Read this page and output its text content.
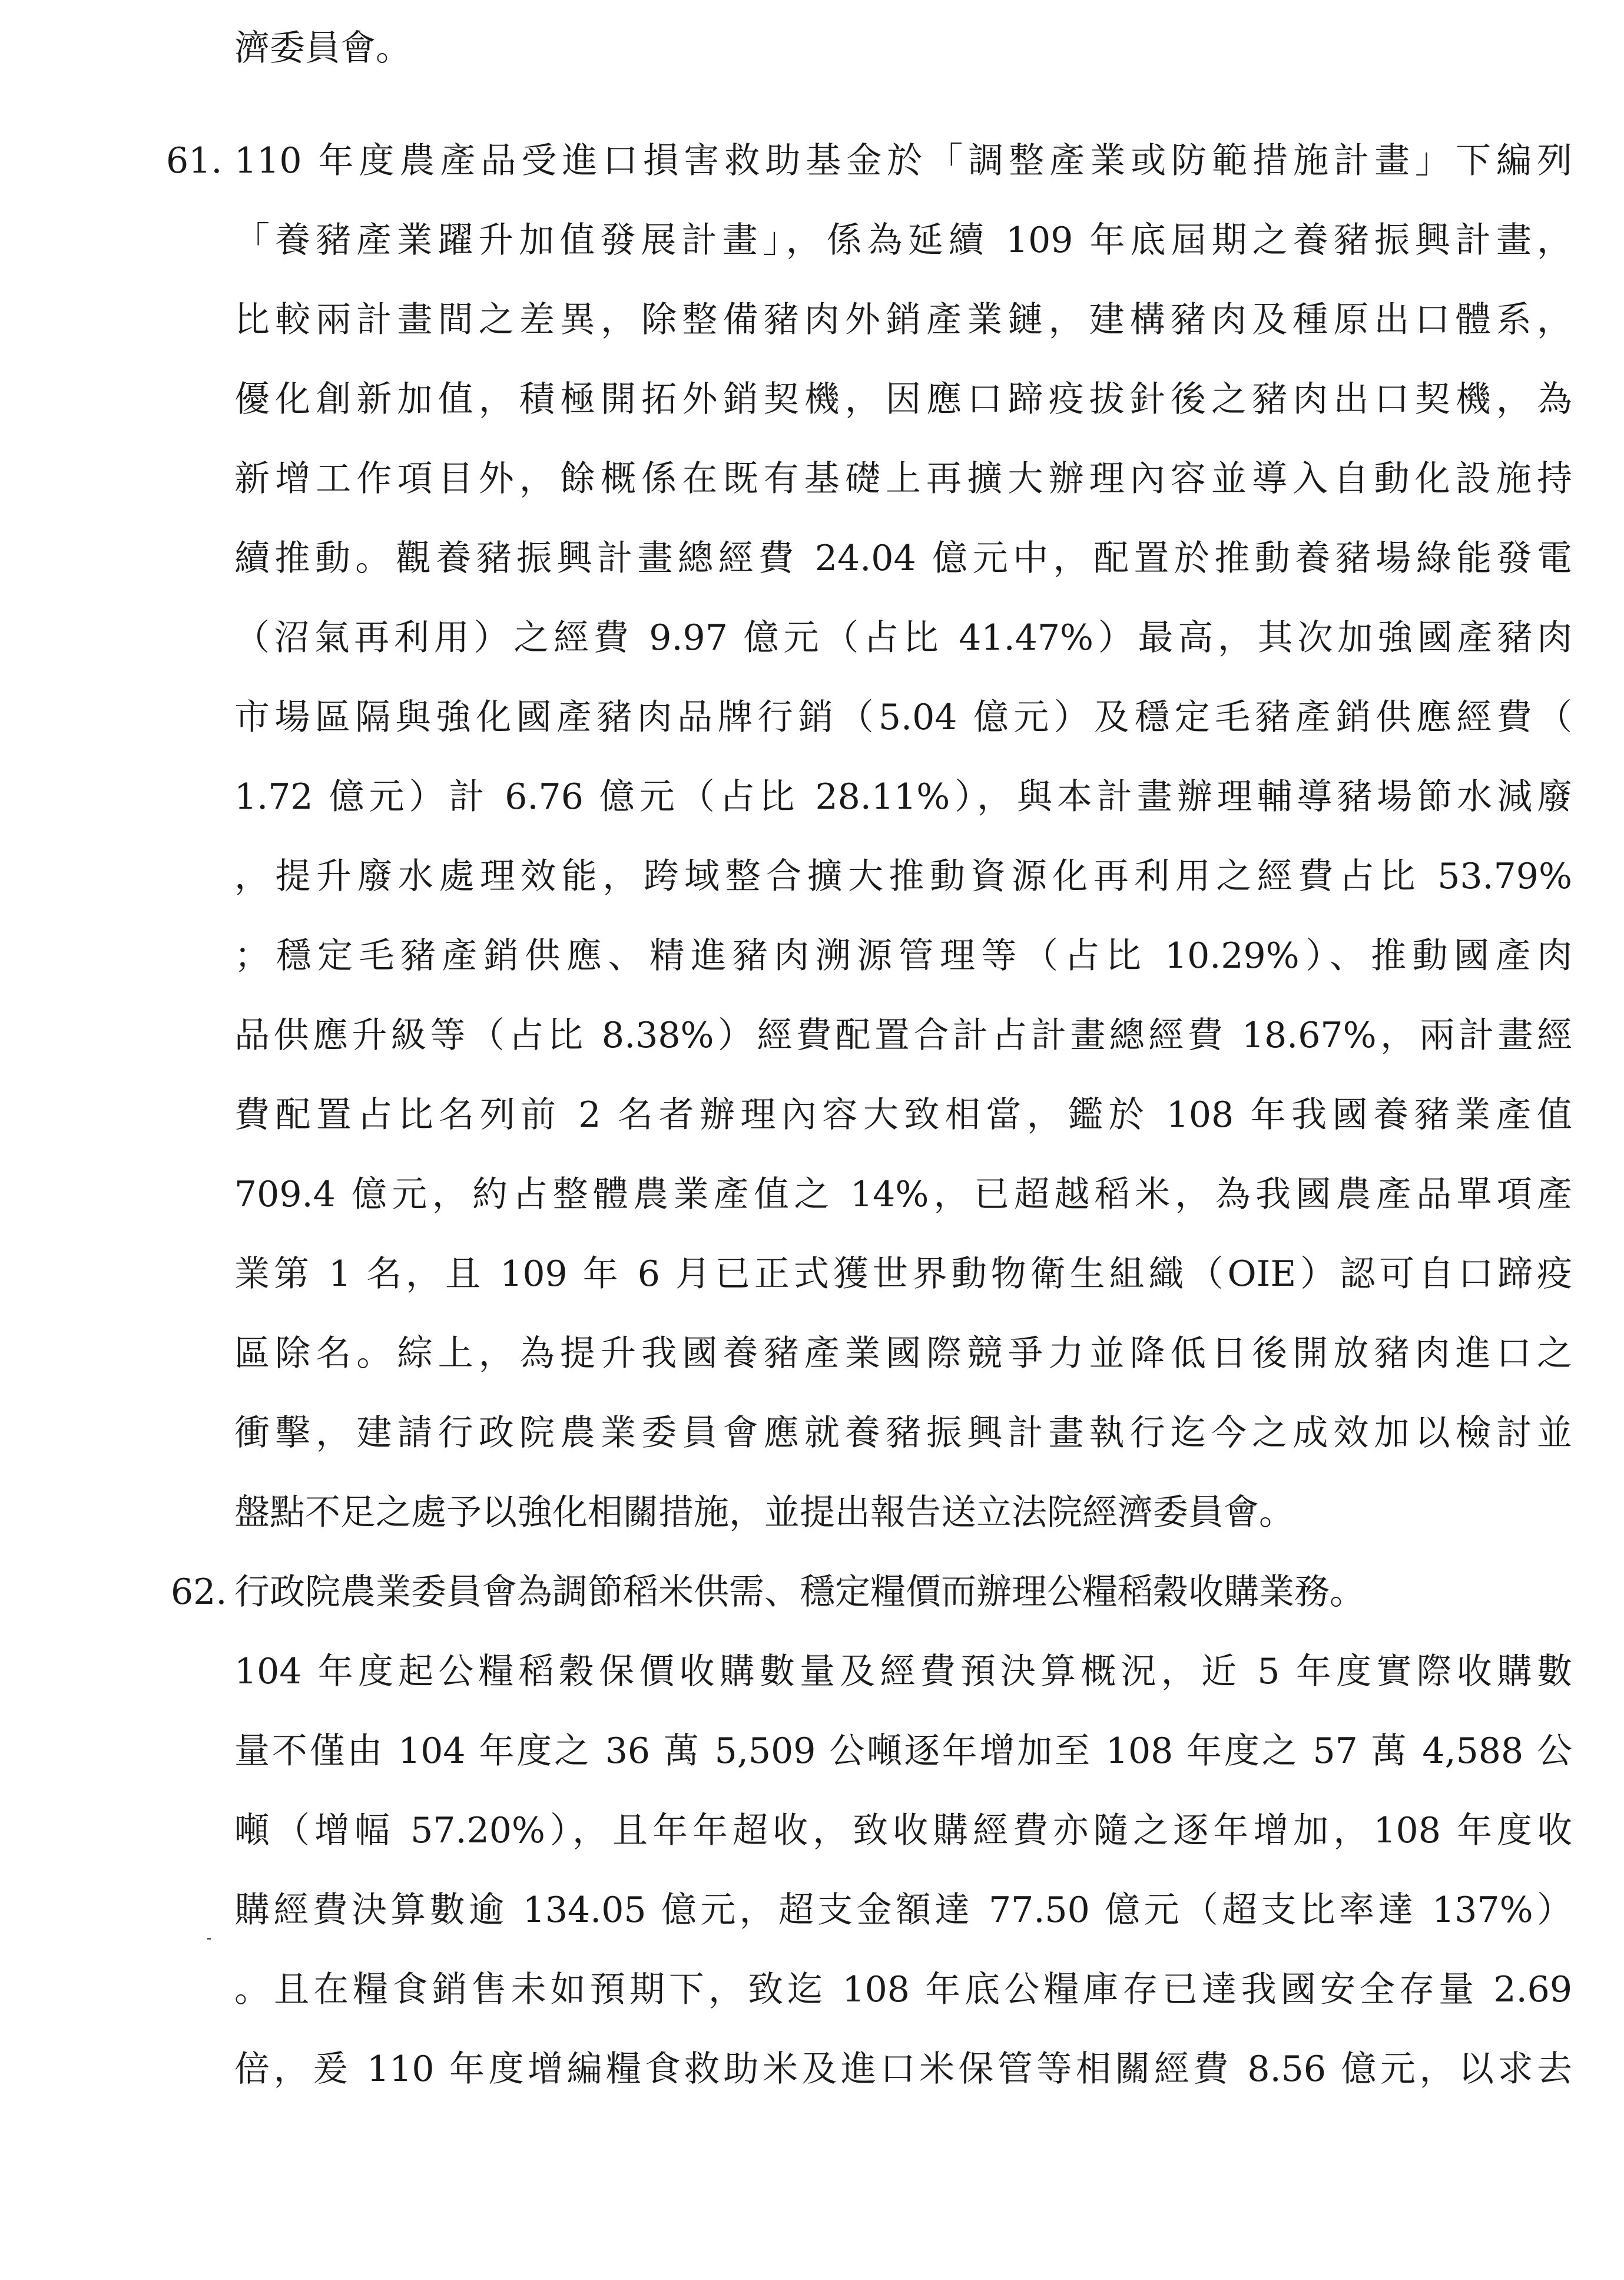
濟委員會。
61. 110 年度農產品受進口損害救助基金於「調整產業或防範措施計畫」下編列
「養豬產業躍升加值發展計畫」，係為延續 109 年底屆期之養豬振興計畫，
比較兩計畫間之差異，除整備豬肉外銷產業鏈，建構豬肉及種原出口體系，
優化創新加值，積極開拓外銷契機，因應口蹄疫拔針後之豬肉出口契機，為
新增工作項目外，餘概係在既有基礎上再擴大辦理內容並導入自動化設施持
續推動。觀養豬振興計畫總經費 24.04 億元中，配置於推動養豬場綠能發電
（沼氣再利用）之經費 9.97 億元（占比 41.47%）最高，其次加強國產豬肉
市場區隔與強化國產豬肉品牌行銷（5.04 億元）及穩定毛豬產銷供應經費（
1.72 億元）計 6.76 億元（占比 28.11%），與本計畫辦理輔導豬場節水減廢
，提升廢水處理效能，跨域整合擴大推動資源化再利用之經費占比 53.79%
；穩定毛豬產銷供應、精進豬肉溯源管理等（占比 10.29%）、推動國產肉
品供應升級等（占比 8.38%）經費配置合計占計畫總經費 18.67%，兩計畫經
費配置占比名列前 2 名者辦理內容大致相當，鑑於 108 年我國養豬業產值
709.4 億元，約占整體農業產值之 14%，已超越稻米，為我國農產品單項產
業第 1 名，且 109 年 6 月已正式獲世界動物衛生組織（OIE）認可自口蹄疫
區除名。綜上，為提升我國養豬產業國際競爭力並降低日後開放豬肉進口之
衝擊，建請行政院農業委員會應就養豬振興計畫執行迄今之成效加以檢討並
盤點不足之處予以強化相關措施，並提出報告送立法院經濟委員會。
62. 行政院農業委員會為調節稻米供需、穩定糧價而辦理公糧稻穀收購業務。
104 年度起公糧稻穀保價收購數量及經費預決算概況，近 5 年度實際收購數
量不僅由 104 年度之 36 萬 5,509 公噸逐年增加至 108 年度之 57 萬 4,588 公
噸（增幅 57.20%），且年年超收，致收購經費亦隨之逐年增加，108 年度收
購經費決算數逾 134.05 億元，超支金額達 77.50 億元（超支比率達 137%）
。且在糧食銷售未如預期下，致迄 108 年底公糧庫存已達我國安全存量 2.69
倍，爰 110 年度增編糧食救助米及進口米保管等相關經費 8.56 億元，以求去
